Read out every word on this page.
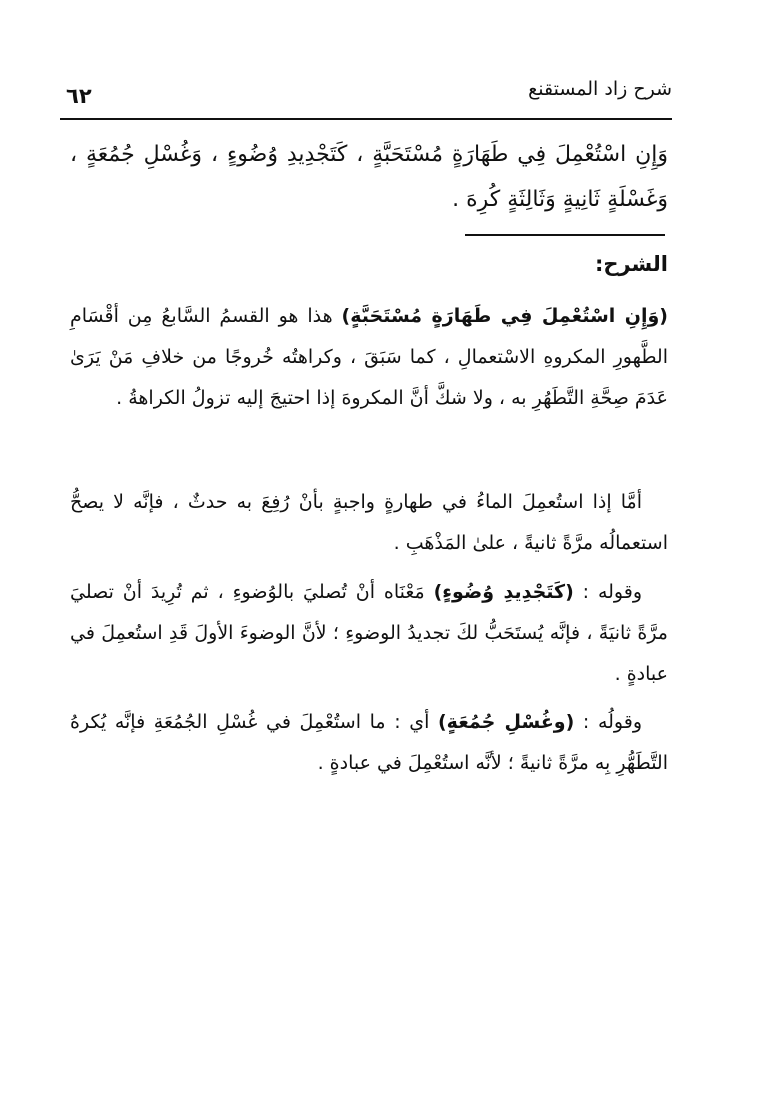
شرح زاد المستقنع
٦٢
وَإِنِ اسْتُعْمِلَ فِي طَهَارَةٍ مُسْتَحَبَّةٍ ، كَتَجْدِيدِ وُضُوءٍ ، وَغُسْلِ جُمُعَةٍ ، وَغَسْلَةٍ ثَانِيةٍ وَثَالِثَةٍ كُرِهَ .
الشرح:
(وَإِنِ اسْتُعْمِلَ فِي طَهَارَةٍ مُسْتَحَبَّةٍ) هذا هو القسمُ السَّابعُ مِن أقْسَامِ الطَّهورِ المكروهِ الاسْتعمالِ ، كما سَبَقَ ، وكراهتُه خُروجًا من خلافِ مَنْ يَرَىٰ عَدَمَ صِحَّةِ التَّطَهُرِ به ، ولا شكَّ أنَّ المكروهَ إذا احتيجَ إليه تزولُ الكراهةُ .
أمَّا إذا استُعمِلَ الماءُ في طهارةٍ واجبةٍ بأنْ رُفِعَ به حدثٌ ، فإنَّه لا يصحُّ استعمالُه مرَّةً ثانيةً ، علىٰ المَذْهَبِ .
وقوله : (كَتَجْدِيدِ وُضُوءٍ) مَعْنَاه أنْ تُصليَ بالوُضوءِ ، ثم تُرِيدَ أنْ تصليَ مرَّةً ثانيَةً ، فإنَّه يُستَحَبُّ لكَ تجديدُ الوضوءِ ؛ لأنَّ الوضوءَ الأولَ قَدِ استُعمِلَ في عبادةٍ .
وقولُه : (وغُسْلِ جُمُعَةٍ) أي : ما استُعْمِلَ في غُسْلِ الجُمُعَةِ فإنَّه يُكرهُ التَّطَهُّرِ بِه مرَّةً ثانيةً ؛ لأنَّه استُعْمِلَ في عبادةٍ .
